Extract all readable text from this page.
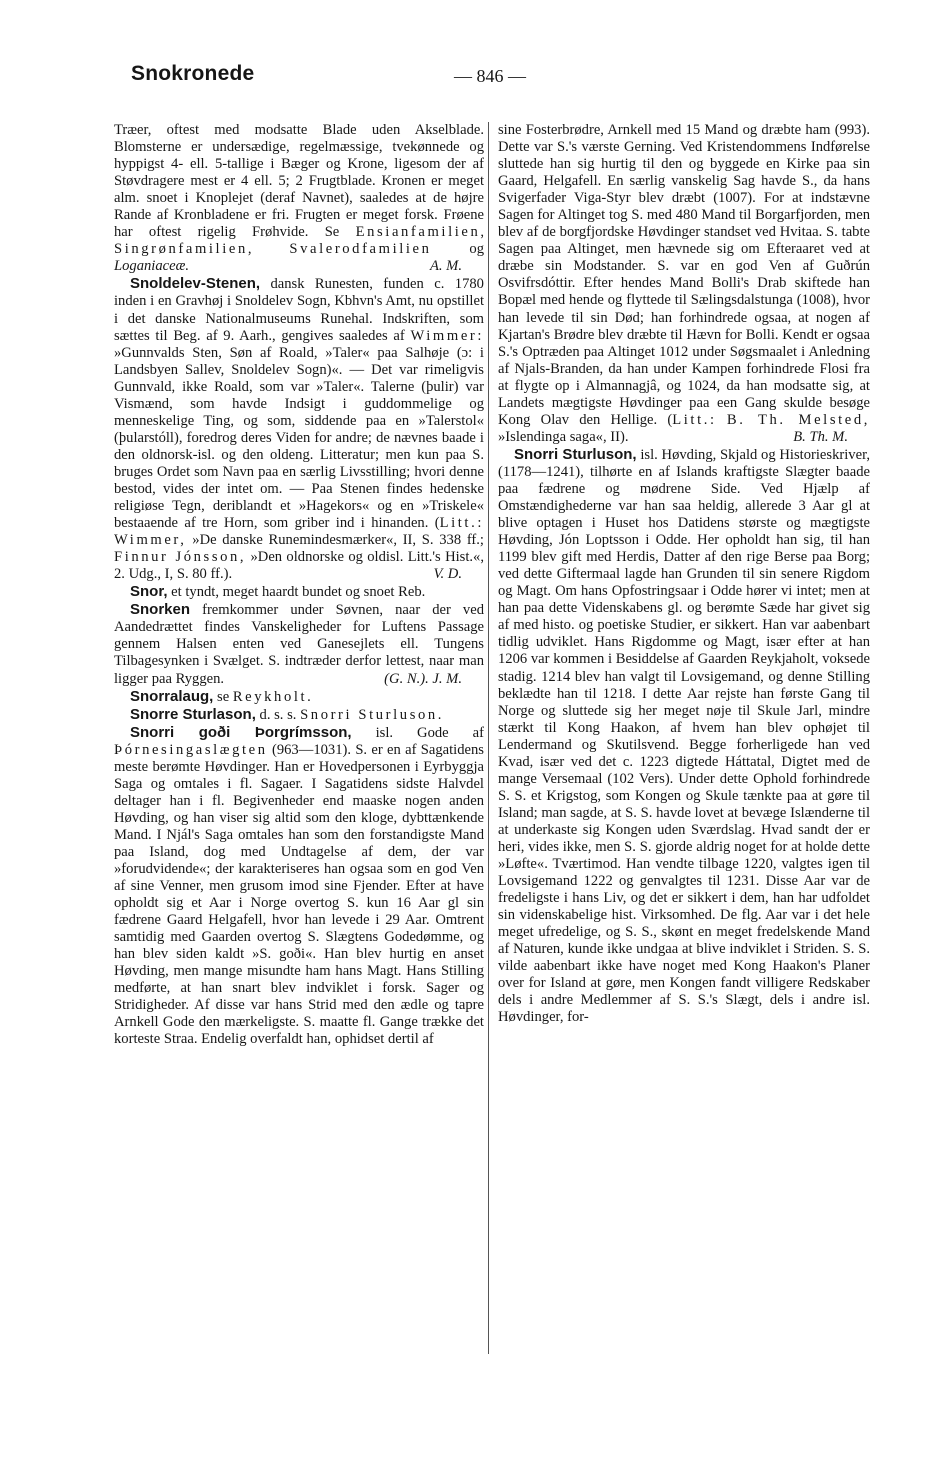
Snokronede	— 846 —

Træer, oftest med modsatte Blade uden Akselblade. Blomsterne er undersædige, regelmæssige, tvekønnede og hyppigst 4- ell. 5-tallige i Bæger og Krone, ligesom der af Støvdragere mest er 4 ell. 5; 2 Frugtblade. Kronen er meget alm. snoet i Knoplejet (deraf Navnet), saaledes at de højre Rande af Kronbladene er fri. Frugten er meget forsk. Frøene har oftest rigelig Frøhvide. Se Ensianfamilien, Singrønfamilien, Svalerodfamilien	og Loganiaceæ.	A. M.

Snoldelev-Stenen, dansk Runesten, funden c. 1780 inden i en Gravhøj i Snoldelev Sogn, Kbhvn's Amt, nu opstillet i det danske Nationalmuseums Runehal. Indskriften, som sættes til Beg. af 9. Aarh., gengives saaledes af Wimmer: »Gunnvalds Sten, Søn af Roald, »Taler« paa Salhøje (ɔ: i Landsbyen Sallev, Snoldelev Sogn)«. — Det var rimeligvis Gunnvald, ikke Roald, som var »Taler«. Talerne (þulir) var Vismænd, som havde Indsigt i guddommelige og menneskelige Ting, og som, siddende paa en »Talerstol« (þularstóll), foredrog deres Viden for andre; de nævnes baade i den oldnorsk-isl. og den oldeng. Litteratur; men kun paa S. bruges Ordet som Navn paa en særlig Livsstilling; hvori denne bestod, vides der intet om. — Paa Stenen findes hedenske religiøse Tegn, deriblandt et »Hagekors« og en »Triskele« bestaaende af tre Horn, som griber ind i hinanden. (Litt.: Wimmer, »De danske Runemindesmærker«, II, S. 338 ff.; Finnur Jónsson, »Den oldnorske og oldisl. Litt.'s Hist.«, 2. Udg., I, S. 80 ff.).	V. D.

Snor, et tyndt, meget haardt bundet og snoet Reb.

Snorken fremkommer under Søvnen, naar der ved Aandedrættet findes Vanskeligheder for Luftens Passage gennem Halsen enten ved Ganesejlets ell. Tungens Tilbagesynken i Svælget. S. indtræder derfor lettest, naar man ligger paa Ryggen.	(G. N.). J. M.

Snorralaug, se Reykholt.

Snorre Sturlason, d. s. s. Snorri Sturluson.

Snorri goði Þorgrímsson, isl. Gode af Þórnesingaslægten (963—1031). S. er en af Sagatidens meste berømte Høvdinger. Han er Hovedpersonen i Eyrbyggja Saga og omtales i fl. Sagaer. I Sagatidens sidste Halvdel deltager han i fl. Begivenheder end maaske nogen anden Høvding, og han viser sig altid som den kloge, dybttænkende Mand. I Njál's Saga omtales han som den forstandigste Mand paa Island, dog med Undtagelse af dem, der var »forudvidende«; der karakteriseres han ogsaa som en god Ven af sine Venner, men grusom imod sine Fjender. Efter at have opholdt sig et Aar i Norge overtog S. kun 16 Aar gl sin fædrene Gaard Helgafell, hvor han levede i 29 Aar. Omtrent samtidig med Gaarden overtog S. Slægtens Godedømme, og han blev siden kaldt »S. goði«. Han blev hurtig en anset Høvding, men mange misundte ham hans Magt. Hans Stilling medførte, at han snart blev indviklet i forsk. Sager og Stridigheder. Af disse var hans Strid med den ædle og tapre Arnkell Gode den mærkeligste. S. maatte fl. Gange trække det korteste Straa. Endelig overfaldt han, ophidset dertil af

sine Fosterbrødre, Arnkell med 15 Mand og dræbte ham (993). Dette var S.'s værste Gerning. Ved Kristendommens Indførelse sluttede han sig hurtig til den og byggede en Kirke paa sin Gaard, Helgafell. En særlig vanskelig Sag havde S., da hans Svigerfader Viga-Styr blev dræbt (1007). For at indstævne Sagen for Altinget tog S. med 480 Mand til Borgarfjorden, men blev af de borgfjordske Høvdinger standset ved Hvitaa. S. tabte Sagen paa Altinget, men hævnede sig om Efteraaret ved at dræbe sin Modstander. S. var en god Ven af Guðrún Osvifrsdóttir. Efter hendes Mand Bolli's Drab skiftede han Bopæl med hende og flyttede til Sælingsdalstunga (1008), hvor han levede til sin Død; han forhindrede ogsaa, at nogen af Kjartan's Brødre blev dræbte til Hævn for Bolli. Kendt er ogsaa S.'s Optræden paa Altinget 1012 under Søgsmaalet i Anledning af Njals-Branden, da han under Kampen forhindrede Flosi fra at flygte op i Almannagjâ, og 1024, da han modsatte sig, at Landets mægtigste Høvdinger paa een Gang skulde besøge Kong Olav den Hellige. (Litt.: B. Th. Melsted, »Islendinga saga«, II).	B. Th. M.

Snorri Sturluson, isl. Høvding, Skjald og Historieskriver, (1178—1241), tilhørte en af Islands kraftigste Slægter baade paa fædrene og mødrene Side. Ved Hjælp af Omstændighederne var han saa heldig, allerede 3 Aar gl at blive optagen i Huset hos Datidens største og mægtigste Høvding, Jón Loptsson i Odde. Her opholdt han sig, til han 1199 blev gift med Herdis, Datter af den rige Berse paa Borg; ved dette Giftermaal lagde han Grunden til sin senere Rigdom og Magt. Om hans Opfostringsaar i Odde hører vi intet; men at han paa dette Videnskabens gl. og berømte Sæde har givet sig af med histo. og poetiske Studier, er sikkert. Han var aabenbart tidlig udviklet. Hans Rigdomme og Magt, især efter at han 1206 var kommen i Besiddelse af Gaarden Reykjaholt, voksede stadig. 1214 blev han valgt til Lovsigemand, og denne Stilling beklædte han til 1218. I dette Aar rejste han første Gang til Norge og sluttede sig her meget nøje til Skule Jarl, mindre stærkt til Kong Haakon, af hvem han blev ophøjet til Lendermand og Skutilsvend. Begge forherligede han ved Kvad, især ved det c. 1223 digtede Háttatal, Digtet med de mange Versemaal (102 Vers). Under dette Ophold forhindrede S. S. et Krigstog, som Kongen og Skule tænkte paa at gøre til Island; man sagde, at S. S. havde lovet at bevæge Islænderne til at underkaste sig Kongen uden Sværdslag. Hvad sandt der er heri, vides ikke, men S. S. gjorde aldrig noget for at holde dette »Løfte«. Tværtimod. Han vendte tilbage 1220, valgtes igen til Lovsigemand 1222 og genvalgtes til 1231. Disse Aar var de fredeligste i hans Liv, og det er sikkert i dem, han har udfoldet sin videnskabelige hist. Virksomhed. De flg. Aar var i det hele meget ufredelige, og S. S., skønt en meget fredelskende Mand af Naturen, kunde ikke undgaa at blive indviklet i Striden. S. S. vilde aabenbart ikke have noget med Kong Haakon's Planer over for Island at gøre, men Kongen fandt villigere Redskaber dels i andre Medlemmer af S. S.'s Slægt, dels i andre isl. Høvdinger, for-
